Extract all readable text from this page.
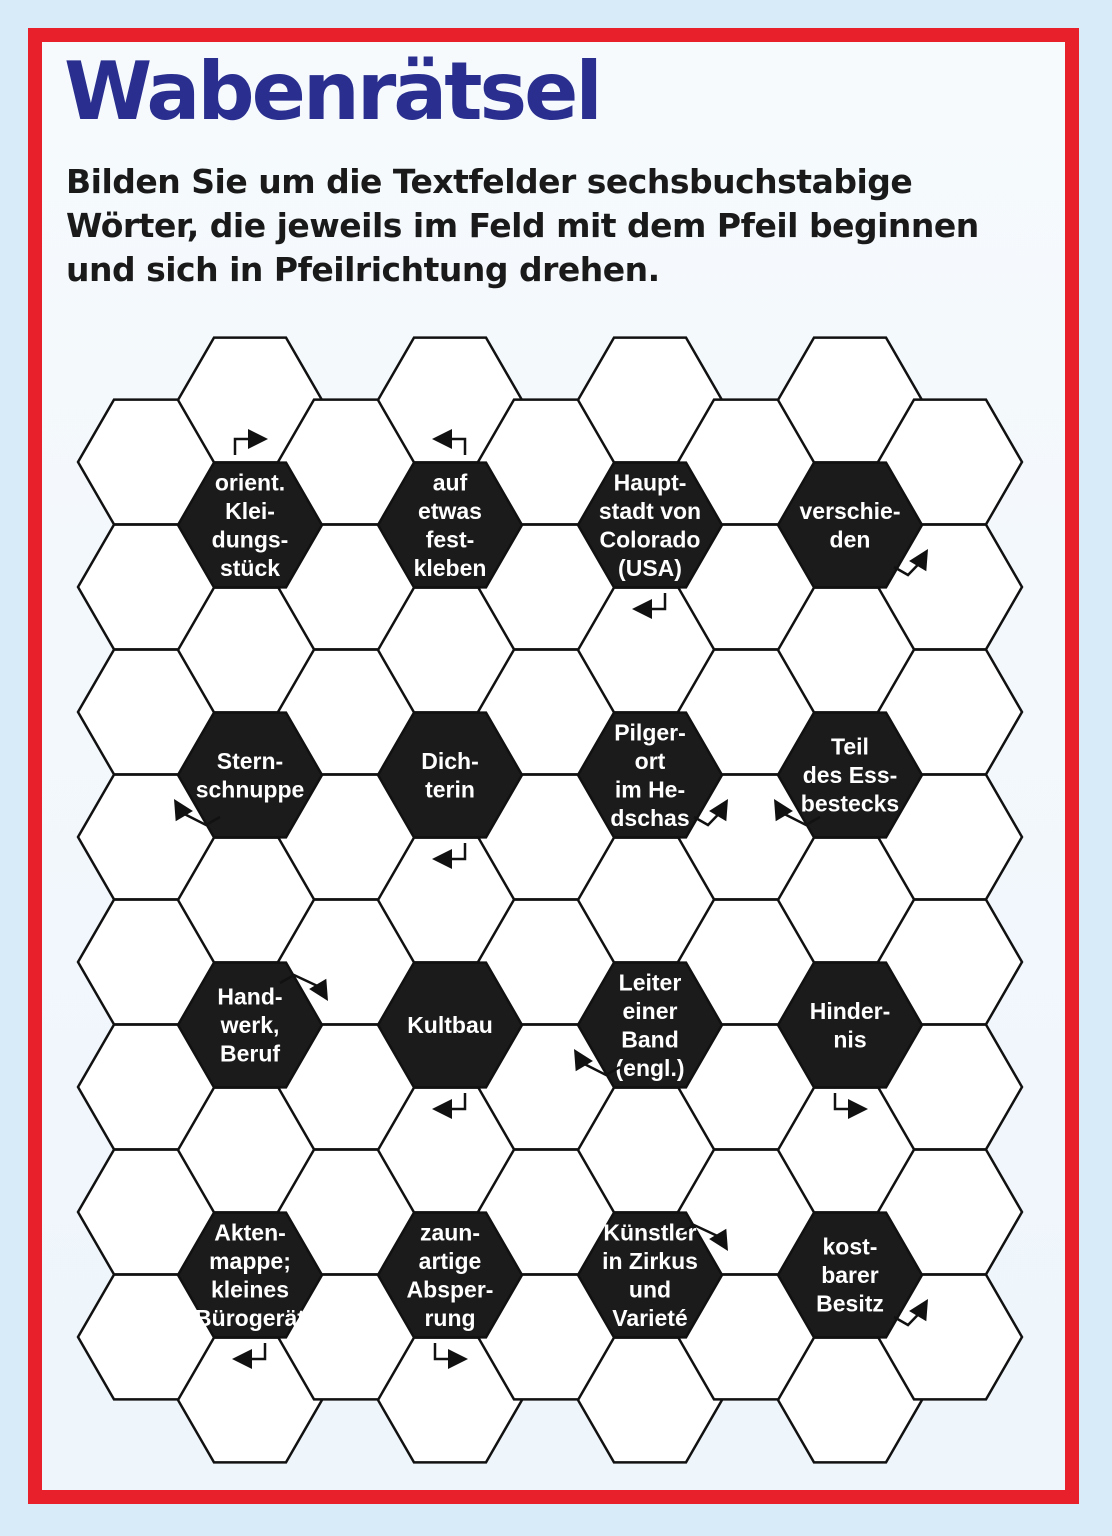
Wabenrätsel

Bilden Sie um die Textfelder sechsbuchstabige Wörter, die jeweils im Feld mit dem Pfeil beginnen und sich in Pfeilrichtung drehen.

orient.
Klei-
dungs-
stück
auf
etwas
fest-
kleben
Haupt-
stadt von
Colorado
(USA)
verschie-
den
Stern-
schnuppe
Dich-
terin
Pilger-
ort
im He-
dschas
Teil
des Ess-
bestecks
Hand-
werk,
Beruf
Kultbau
Leiter
einer
Band
(engl.)
Hinder-
nis
Akten-
mappe;
kleines
Bürogerät
zaun-
artige
Absper-
rung
Künstler
in Zirkus
und
Varieté
kost-
barer
Besitz
